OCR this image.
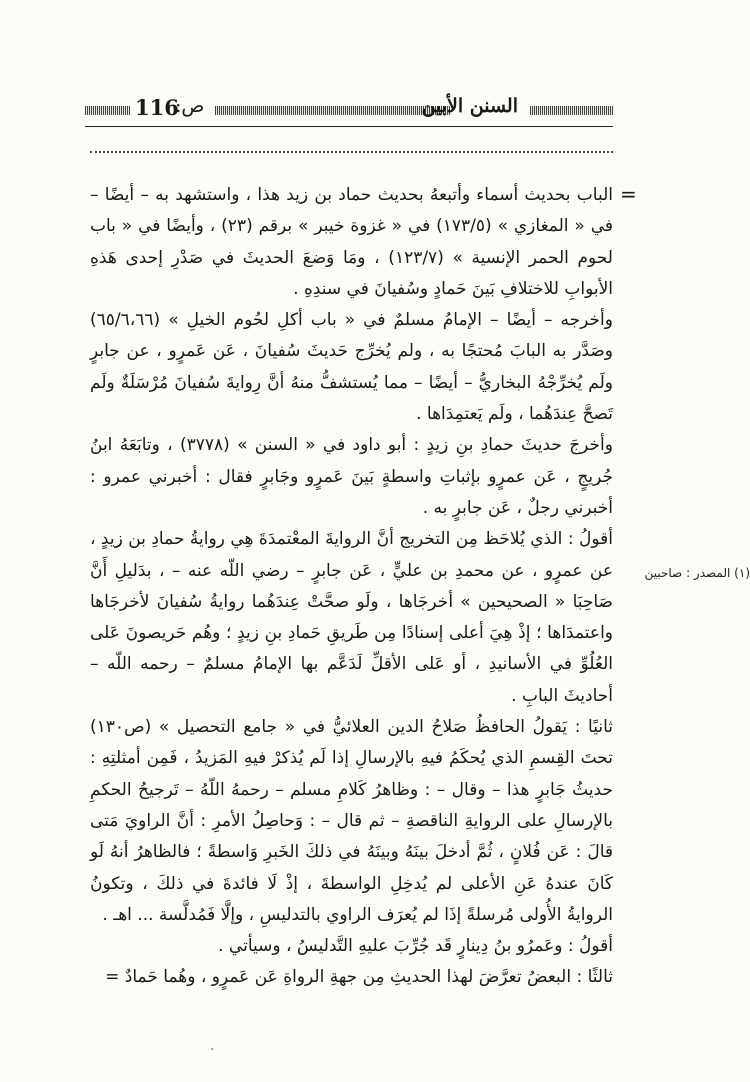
116
ص:	السنن الأبين
=
(١) المصدر : صاحبين

الباب بحديث أسماء وأتبعهُ بحديث حماد بن زيد هذا ، واستشهد به – أيضًا – في « المغازي » (١٧٣/٥) في « غزوة خيبر » برقم (٢٣) ، وأيضًا في « باب لحوم الحمر الإنسية » (١٢٣/٧) ، ومَا وَضعَ الحديثَ في صَدْرِ إحدى هَذهِ الأبوابِ للاختلافِ بَينَ حَمادٍ وسُفيانَ في سندِهِ .

وأخرجه – أيضًا – الإمامُ مسلمٌ في « باب أكلِ لحُوم الخيلِ » (٦٥/٦،٦٦) وصَدَّر به البابَ مُحتجًا به ، ولم يُخرِّج حَديثَ سُفيانَ ، عَن عَمرٍو ، عن جابرٍ ولَم يُخرِّجْهُ البخاريُّ – أيضًا – مما يُستشفُّ منهُ أنَّ رِوايةَ سُفيانَ مُرْسَلَةٌ ولَم تَصحَّ عِندَهُما ، ولَم يَعتمِدَاها .

وأخرجَ حديثَ حمادِ بنِ زيدٍ : أبو داود في « السنن » (٣٧٧٨) ، وتابَعَهُ ابنُ جُريجٍ ، عَن عمرٍو بإثباتِ واسطةٍ بَينَ عَمرٍو وجَابرٍ فقال : أخبرني عمرو : أخبرني رجلٌ ، عَن جابرٍ به .

أقولُ : الذي يُلاحَظ مِن التخريج أنَّ الروايةَ المعْتمدَةَ هِي روايةُ حمادِ بن زيدٍ ، عن عمرٍو ، عن محمدِ بن عليٍّ ، عَن جابرٍ – رضي اللّه عنه – ، بدَليلِ أَنَّ صَاحِبَا « الصحيحين » أخرجَاها ، ولَو صحَّتْ عِندَهُما روايةُ سُفيانَ لأخرجَاها واعتمدَاها ؛ إذْ هِيَ أعلى إسنادًا مِن طَريقِ حَمادِ بنِ زيدٍ ؛ وهُم حَريصونَ عَلى العُلُوِّ في الأسانيدِ ، أو عَلى الأقلِّ لَدَعَّم بها الإمامُ مسلمٌ – رحمه اللّه – أحاديثَ البابِ .

ثانيًا : يَقولُ الحافظُ صَلاحُ الدين العلائيُّ في « جامع التحصيل » (ص١٣٠) تحتَ القِسمِ الذي يُحكَمُ فيهِ بالإرسالِ إذا لَم يُذكرْ فيهِ المَزيدُ ، فَمِن أمثلتِهِ : حديثُ جَابرٍ هذا – وقال – : وظاهرُ كَلامِ مسلم – رحمهُ اللّهُ – تَرجيحُ الحكمِ بالإرسالِ على الروايةِ الناقصةِ – ثم قال – : وَحاصِلُ الأمرِ : أنَّ الراويَ مَتى قالَ : عَن فُلانٍ ، ثُمَّ أدخلَ بينَهُ وبينَهُ في ذلكَ الخَبرِ وَاسطةً ؛ فالظاهرُ أنهُ لَو كَانَ عندهُ عَنِ الأعلى لم يُدخِلِ الواسطةَ ، إذْ لَا فائدةَ في ذلكَ ، وتكونُ الروايةُ الأُولى مُرسلةً إذَا لم يُعرَف الراوي بالتدليسِ ، وإلَّا فَمُدلَّسة ... اهـ .

أقولُ : وعَمرُو بنُ دِينارٍ قَد جُرِّبَ عليهِ التَّدليسُ ، وسيأتي .

ثالثًا : البعضُ تعرَّضَ لهذا الحديثِ مِن جهةِ الرواةِ عَن عَمرٍو ، وهُما حَمادٌ =

·
